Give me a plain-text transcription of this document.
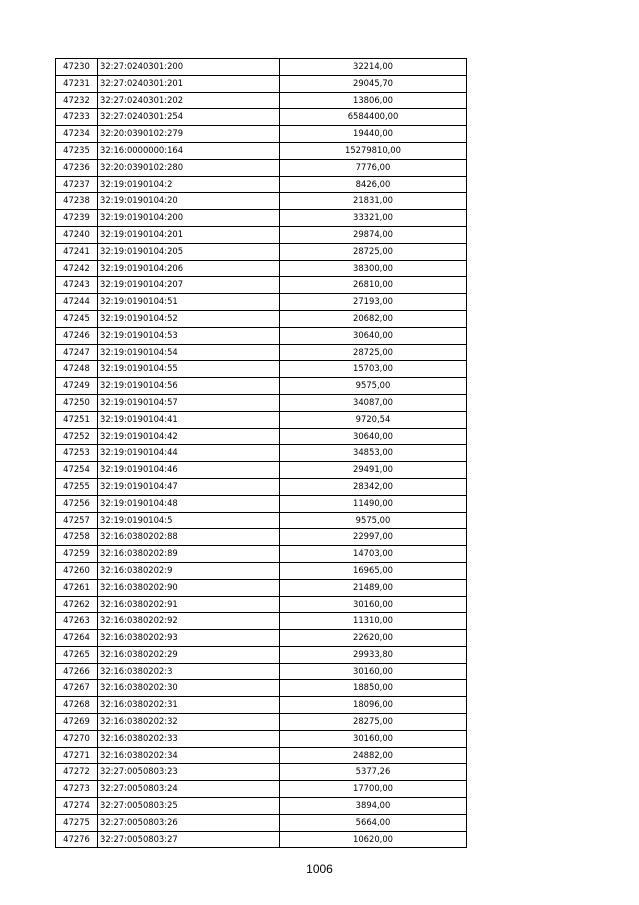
47230	32:27:0240301:200	32214,00
47231	32:27:0240301:201	29045,70
47232	32:27:0240301:202	13806,00
47233	32:27:0240301:254	6584400,00
47234	32:20:0390102:279	19440,00
47235	32:16:0000000:164	15279810,00
47236	32:20:0390102:280	7776,00
47237	32:19:0190104:2	8426,00
47238	32:19:0190104:20	21831,00
47239	32:19:0190104:200	33321,00
47240	32:19:0190104:201	29874,00
47241	32:19:0190104:205	28725,00
47242	32:19:0190104:206	38300,00
47243	32:19:0190104:207	26810,00
47244	32:19:0190104:51	27193,00
47245	32:19:0190104:52	20682,00
47246	32:19:0190104:53	30640,00
47247	32:19:0190104:54	28725,00
47248	32:19:0190104:55	15703,00
47249	32:19:0190104:56	9575,00
47250	32:19:0190104:57	34087,00
47251	32:19:0190104:41	9720,54
47252	32:19:0190104:42	30640,00
47253	32:19:0190104:44	34853,00
47254	32:19:0190104:46	29491,00
47255	32:19:0190104:47	28342,00
47256	32:19:0190104:48	11490,00
47257	32:19:0190104:5	9575,00
47258	32:16:0380202:88	22997,00
47259	32:16:0380202:89	14703,00
47260	32:16:0380202:9	16965,00
47261	32:16:0380202:90	21489,00
47262	32:16:0380202:91	30160,00
47263	32:16:0380202:92	11310,00
47264	32:16:0380202:93	22620,00
47265	32:16:0380202:29	29933,80
47266	32:16:0380202:3	30160,00
47267	32:16:0380202:30	18850,00
47268	32:16:0380202:31	18096,00
47269	32:16:0380202:32	28275,00
47270	32:16:0380202:33	30160,00
47271	32:16:0380202:34	24882,00
47272	32:27:0050803:23	5377,26
47273	32:27:0050803:24	17700,00
47274	32:27:0050803:25	3894,00
47275	32:27:0050803:26	5664,00
47276	32:27:0050803:27	10620,00
1006
